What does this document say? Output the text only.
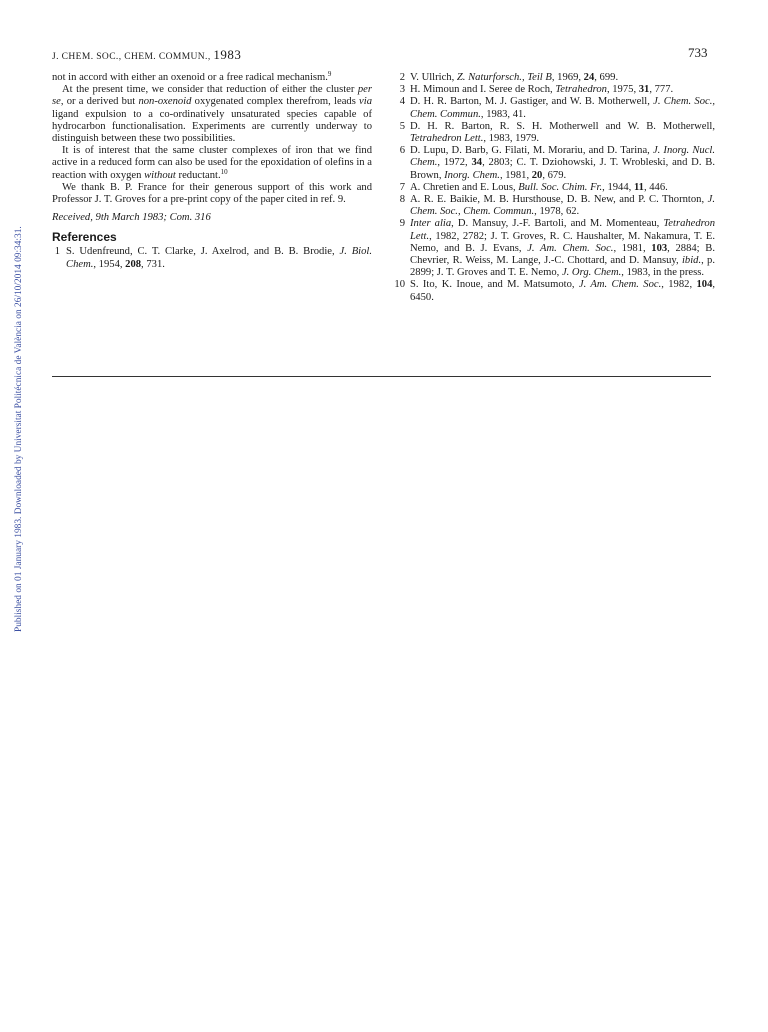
J. CHEM. SOC., CHEM. COMMUN., 1983	733
Published on 01 January 1983. Downloaded by Universitat Politécnica de València on 26/10/2014 09:34:31.

not in accord with either an oxenoid or a free radical mechanism.$^9$

At the present time, we consider that reduction of either the cluster per se, or a derived but non-oxenoid oxygenated complex therefrom, leads via ligand expulsion to a co-ordinatively unsaturated species capable of hydrocarbon functionalisation. Experiments are currently underway to distinguish between these two possibilities.

It is of interest that the same cluster complexes of iron that we find active in a reduced form can also be used for the epoxidation of olefins in a reaction with oxygen without reductant.$^{10}$

We thank B. P. France for their generous support of this work and Professor J. T. Groves for a pre-print copy of the paper cited in ref. 9.

Received, 9th March 1983; Com. 316

References
1 S. Udenfreund, C. T. Clarke, J. Axelrod, and B. B. Brodie, J. Biol. Chem., 1954, 208, 731.
2 V. Ullrich, Z. Naturforsch., Teil B, 1969, 24, 699.
3 H. Mimoun and I. Seree de Roch, Tetrahedron, 1975, 31, 777.
4 D. H. R. Barton, M. J. Gastiger, and W. B. Motherwell, J. Chem. Soc., Chem. Commun., 1983, 41.
5 D. H. R. Barton, R. S. H. Motherwell and W. B. Motherwell, Tetrahedron Lett., 1983, 1979.
6 D. Lupu, D. Barb, G. Filati, M. Morariu, and D. Tarina, J. Inorg. Nucl. Chem., 1972, 34, 2803; C. T. Dziohowski, J. T. Wrobleski, and D. B. Brown, Inorg. Chem., 1981, 20, 679.
7 A. Chretien and E. Lous, Bull. Soc. Chim. Fr., 1944, 11, 446.
8 A. R. E. Baikie, M. B. Hursthouse, D. B. New, and P. C. Thornton, J. Chem. Soc., Chem. Commun., 1978, 62.
9 Inter alia, D. Mansuy, J.-F. Bartoli, and M. Momenteau, Tetrahedron Lett., 1982, 2782; J. T. Groves, R. C. Haushalter, M. Nakamura, T. E. Nemo, and B. J. Evans, J. Am. Chem. Soc., 1981, 103, 2884; B. Chevrier, R. Weiss, M. Lange, J.-C. Chottard, and D. Mansuy, ibid., p. 2899; J. T. Groves and T. E. Nemo, J. Org. Chem., 1983, in the press.
10 S. Ito, K. Inoue, and M. Matsumoto, J. Am. Chem. Soc., 1982, 104, 6450.
